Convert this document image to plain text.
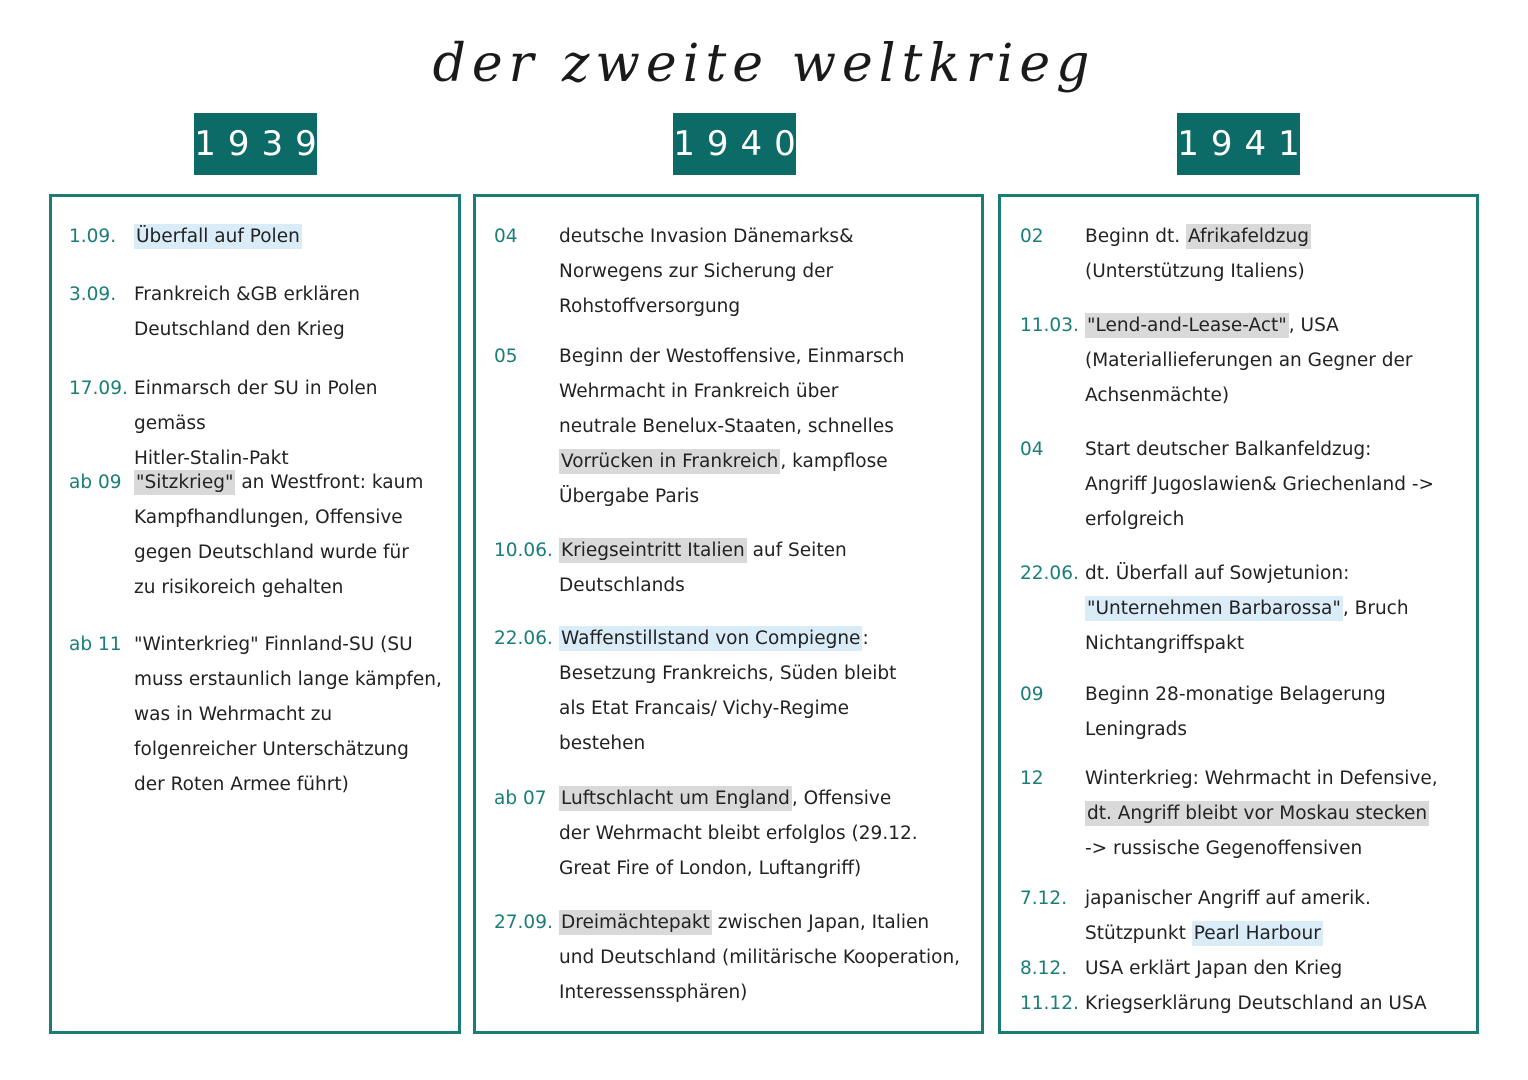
der zweite weltkrieg
1939	1940	1941
1.09. Überfall auf Polen
3.09. Frankreich &GB erklären
Deutschland den Krieg
17.09. Einmarsch der SU in Polen gemäss
Hitler-Stalin-Pakt
ab 09 "Sitzkrieg" an Westfront: kaum
Kampfhandlungen, Offensive
gegen Deutschland wurde für
zu risikoreich gehalten
ab 11 "Winterkrieg" Finnland-SU (SU
muss erstaunlich lange kämpfen,
was in Wehrmacht zu
folgenreicher Unterschätzung
der Roten Armee führt)
04 deutsche Invasion Dänemarks&
Norwegens zur Sicherung der
Rohstoffversorgung
05 Beginn der Westoffensive, Einmarsch
Wehrmacht in Frankreich über
neutrale Benelux-Staaten, schnelles
Vorrücken in Frankreich , kampflose
Übergabe Paris
10.06. Kriegseintritt Italien auf Seiten
Deutschlands
22.06. Waffenstillstand von Compiegne :
Besetzung Frankreichs, Süden bleibt
als Etat Francais/ Vichy-Regime
bestehen
ab 07 Luftschlacht um England , Offensive
der Wehrmacht bleibt erfolglos (29.12.
Great Fire of London, Luftangriff)
27.09. Dreimächtepakt zwischen Japan, Italien
und Deutschland (militärische Kooperation,
Interessenssphären)
02 Beginn dt. Afrikafeldzug
(Unterstützung Italiens)
11.03. "Lend-and-Lease-Act" , USA
(Materiallieferungen an Gegner der
Achsenmächte)
04 Start deutscher Balkanfeldzug:
Angriff Jugoslawien& Griechenland ->
erfolgreich
22.06. dt. Überfall auf Sowjetunion:
"Unternehmen Barbarossa" , Bruch
Nichtangriffspakt
09 Beginn 28-monatige Belagerung
Leningrads
12 Winterkrieg: Wehrmacht in Defensive,
dt. Angriff bleibt vor Moskau stecken
-> russische Gegenoffensiven
7.12. japanischer Angriff auf amerik.
Stützpunkt Pearl Harbour
8.12. USA erklärt Japan den Krieg
11.12. Kriegserklärung Deutschland an USA
